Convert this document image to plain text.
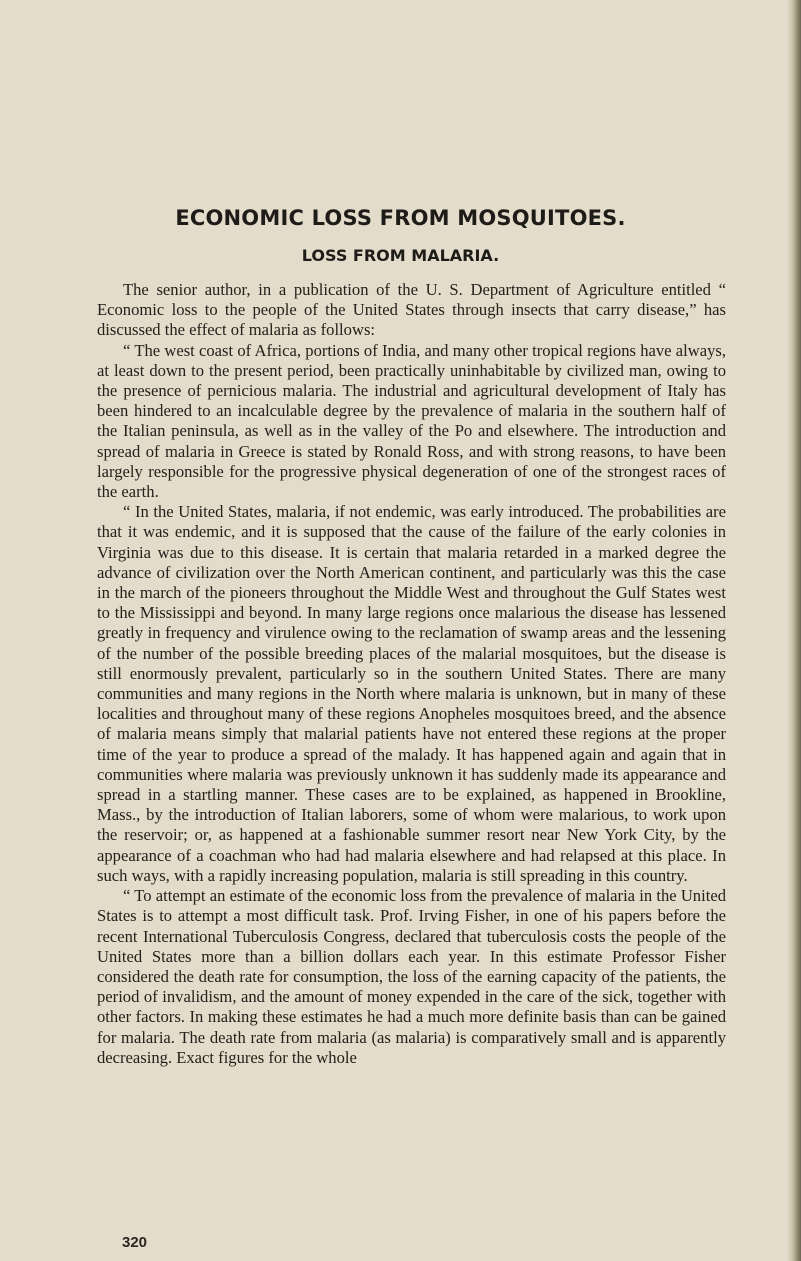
ECONOMIC LOSS FROM MOSQUITOES.
LOSS FROM MALARIA.

The senior author, in a publication of the U. S. Department of Agriculture entitled “ Economic loss to the people of the United States through insects that carry disease,” has discussed the effect of malaria as follows:

“ The west coast of Africa, portions of India, and many other tropical regions have always, at least down to the present period, been practically uninhabitable by civilized man, owing to the presence of pernicious malaria. The industrial and agricultural development of Italy has been hindered to an incalculable degree by the prevalence of malaria in the southern half of the Italian peninsula, as well as in the valley of the Po and elsewhere. The introduction and spread of malaria in Greece is stated by Ronald Ross, and with strong reasons, to have been largely responsible for the progressive physical degeneration of one of the strongest races of the earth.

“ In the United States, malaria, if not endemic, was early introduced. The probabilities are that it was endemic, and it is supposed that the cause of the failure of the early colonies in Virginia was due to this disease. It is certain that malaria retarded in a marked degree the advance of civilization over the North American continent, and particularly was this the case in the march of the pioneers throughout the Middle West and throughout the Gulf States west to the Mississippi and beyond. In many large regions once malarious the disease has lessened greatly in frequency and virulence owing to the reclamation of swamp areas and the lessening of the number of the possible breeding places of the malarial mosquitoes, but the disease is still enormously prevalent, particularly so in the southern United States. There are many communities and many regions in the North where malaria is unknown, but in many of these localities and throughout many of these regions Anopheles mosquitoes breed, and the absence of malaria means simply that malarial patients have not entered these regions at the proper time of the year to produce a spread of the malady. It has happened again and again that in communities where malaria was previously unknown it has suddenly made its appearance and spread in a startling manner. These cases are to be explained, as happened in Brookline, Mass., by the introduction of Italian laborers, some of whom were malarious, to work upon the reservoir; or, as happened at a fashionable summer resort near New York City, by the appearance of a coachman who had had malaria elsewhere and had relapsed at this place. In such ways, with a rapidly increasing population, malaria is still spreading in this country.

“ To attempt an estimate of the economic loss from the prevalence of malaria in the United States is to attempt a most difficult task. Prof. Irving Fisher, in one of his papers before the recent International Tuberculosis Congress, declared that tuberculosis costs the people of the United States more than a billion dollars each year. In this estimate Professor Fisher considered the death rate for consumption, the loss of the earning capacity of the patients, the period of invalidism, and the amount of money expended in the care of the sick, together with other factors. In making these estimates he had a much more definite basis than can be gained for malaria. The death rate from malaria (as malaria) is comparatively small and is apparently decreasing. Exact figures for the whole

320
